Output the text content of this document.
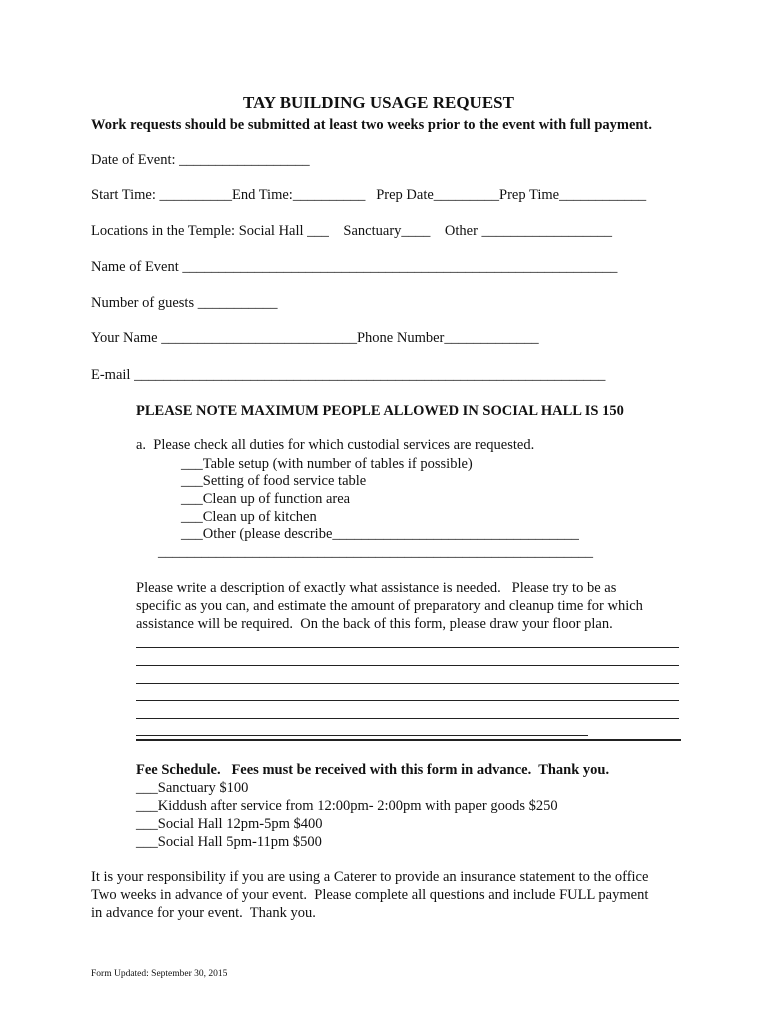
TAY BUILDING USAGE REQUEST
Work requests should be submitted at least two weeks prior to the event with full payment.
Date of Event: __________________
Start Time: __________End Time:__________   Prep Date_________Prep Time____________
Locations in the Temple: Social Hall ___    Sanctuary____    Other __________________
Name of Event ____________________________________________________________
Number of guests ___________
Your Name ___________________________Phone Number_____________
E-mail _________________________________________________________________
PLEASE NOTE MAXIMUM PEOPLE ALLOWED IN SOCIAL HALL IS 150
a.  Please check all duties for which custodial services are requested.
___Table setup (with number of tables if possible)
___Setting of food service table
___Clean up of function area
___Clean up of kitchen
___Other (please describe__________________________________
____________________________________________________________
Please write a description of exactly what assistance is needed.   Please try to be as
specific as you can, and estimate the amount of preparatory and cleanup time for which
assistance will be required.  On the back of this form, please draw your floor plan.
Fee Schedule.   Fees must be received with this form in advance.  Thank you.
___Sanctuary $100
___Kiddush after service from 12:00pm- 2:00pm with paper goods $250
___Social Hall 12pm-5pm $400
___Social Hall 5pm-11pm $500
It is your responsibility if you are using a Caterer to provide an insurance statement to the office
Two weeks in advance of your event.  Please complete all questions and include FULL payment
in advance for your event.  Thank you.
Form Updated: September 30, 2015
